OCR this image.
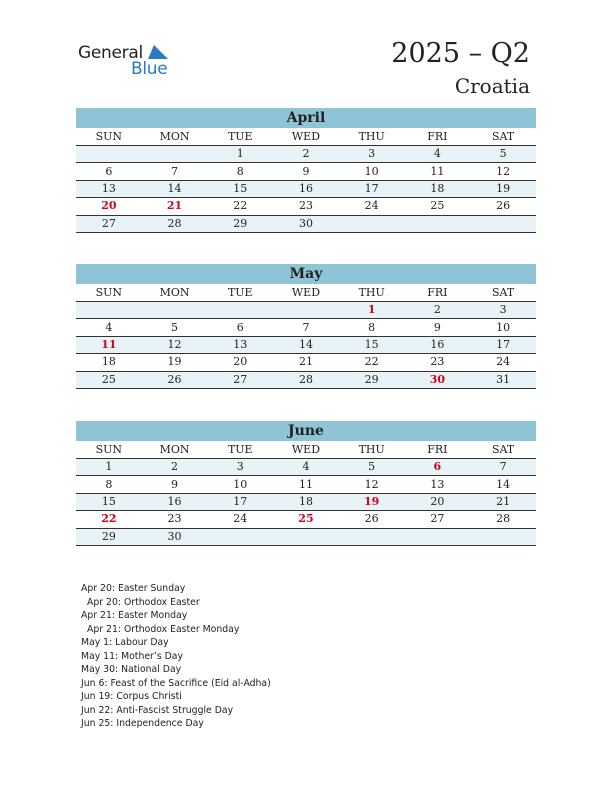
General
Blue	2025 – Q2
Croatia
April
SUN	MON	TUE	WED	THU	FRI	SAT
		1	2	3	4	5
6	7	8	9	10	11	12
13	14	15	16	17	18	19
20	21	22	23	24	25	26
27	28	29	30			
May
SUN	MON	TUE	WED	THU	FRI	SAT
				1	2	3
4	5	6	7	8	9	10
11	12	13	14	15	16	17
18	19	20	21	22	23	24
25	26	27	28	29	30	31
June
SUN	MON	TUE	WED	THU	FRI	SAT
1	2	3	4	5	6	7
8	9	10	11	12	13	14
15	16	17	18	19	20	21
22	23	24	25	26	27	28
29	30					
Apr 20: Easter Sunday
Apr 20: Orthodox Easter
Apr 21: Easter Monday
Apr 21: Orthodox Easter Monday
May 1: Labour Day
May 11: Mother’s Day
May 30: National Day
Jun 6: Feast of the Sacrifice (Eid al-Adha)
Jun 19: Corpus Christi
Jun 22: Anti-Fascist Struggle Day
Jun 25: Independence Day
